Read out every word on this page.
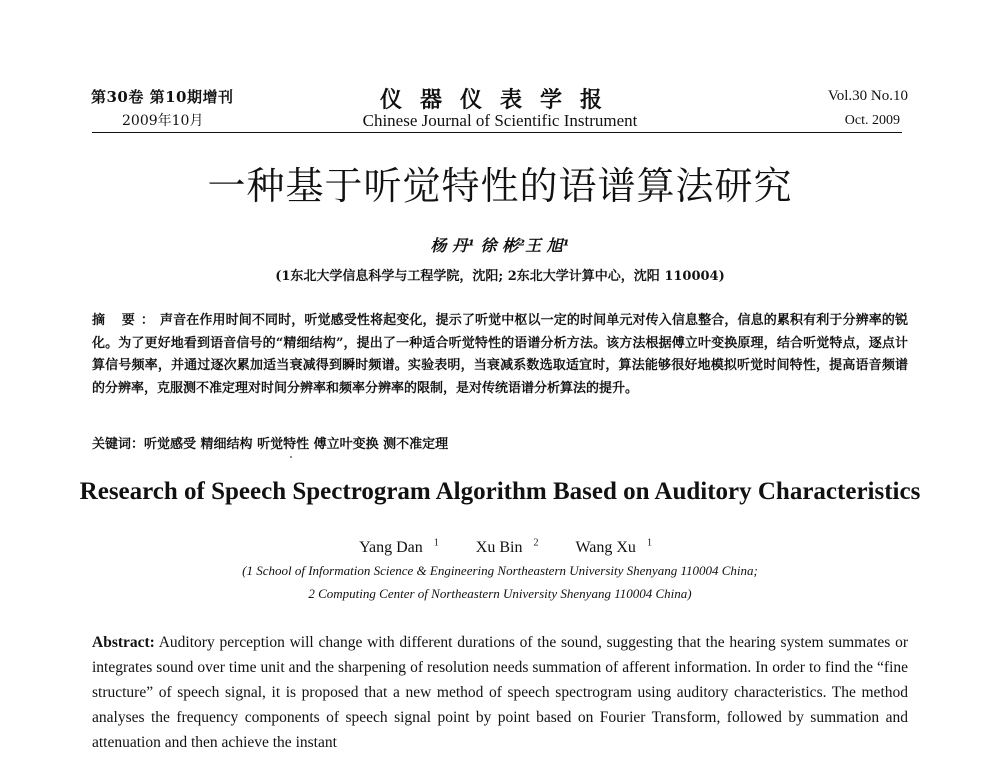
第30卷 第10期增刊
2009年10月
仪器仪表学报
Chinese Journal of Scientific Instrument
Vol.30 No.10
Oct. 2009
一种基于听觉特性的语谱算法研究
杨 丹¹ 徐 彬²王 旭¹
(1东北大学信息科学与工程学院，沈阳; 2东北大学计算中心，沈阳 110004)
摘 要：声音在作用时间不同时，听觉感受性将起变化，提示了听觉中枢以一定的时间单元对传入信息整合，信息的累积有利于分辨率的锐化。为了更好地看到语音信号的“精细结构”，提出了一种适合听觉特性的语谱分析方法。该方法根据傅立叶变换原理，结合听觉特点，逐点计算信号频率，并通过逐次累加适当衰减得到瞬时频谱。实验表明，当衰减系数选取适宜时，算法能够很好地模拟听觉时间特性，提高语音频谱的分辨率，克服测不准定理对时间分辨率和频率分辨率的限制，是对传统语谱分析算法的提升。
关键词：听觉感受 精细结构 听觉特性 傅立叶变换 测不准定理
Research of Speech Spectrogram Algorithm Based on Auditory Characteristics
Yang Dan $^1$ Xu Bin $^2$ Wang Xu $^1$
(1 School of Information Science & Engineering Northeastern University Shenyang 110004 China;
2 Computing Center of Northeastern University Shenyang 110004 China)
Abstract: Auditory perception will change with different durations of the sound, suggesting that the hearing system summates or integrates sound over time unit and the sharpening of resolution needs summation of afferent information. In order to find the “fine structure” of speech signal, it is proposed that a new method of speech spectrogram using auditory characteristics. The method analyses the frequency components of speech signal point by point based on Fourier Transform, followed by summation and attenuation and then achieve the instant
